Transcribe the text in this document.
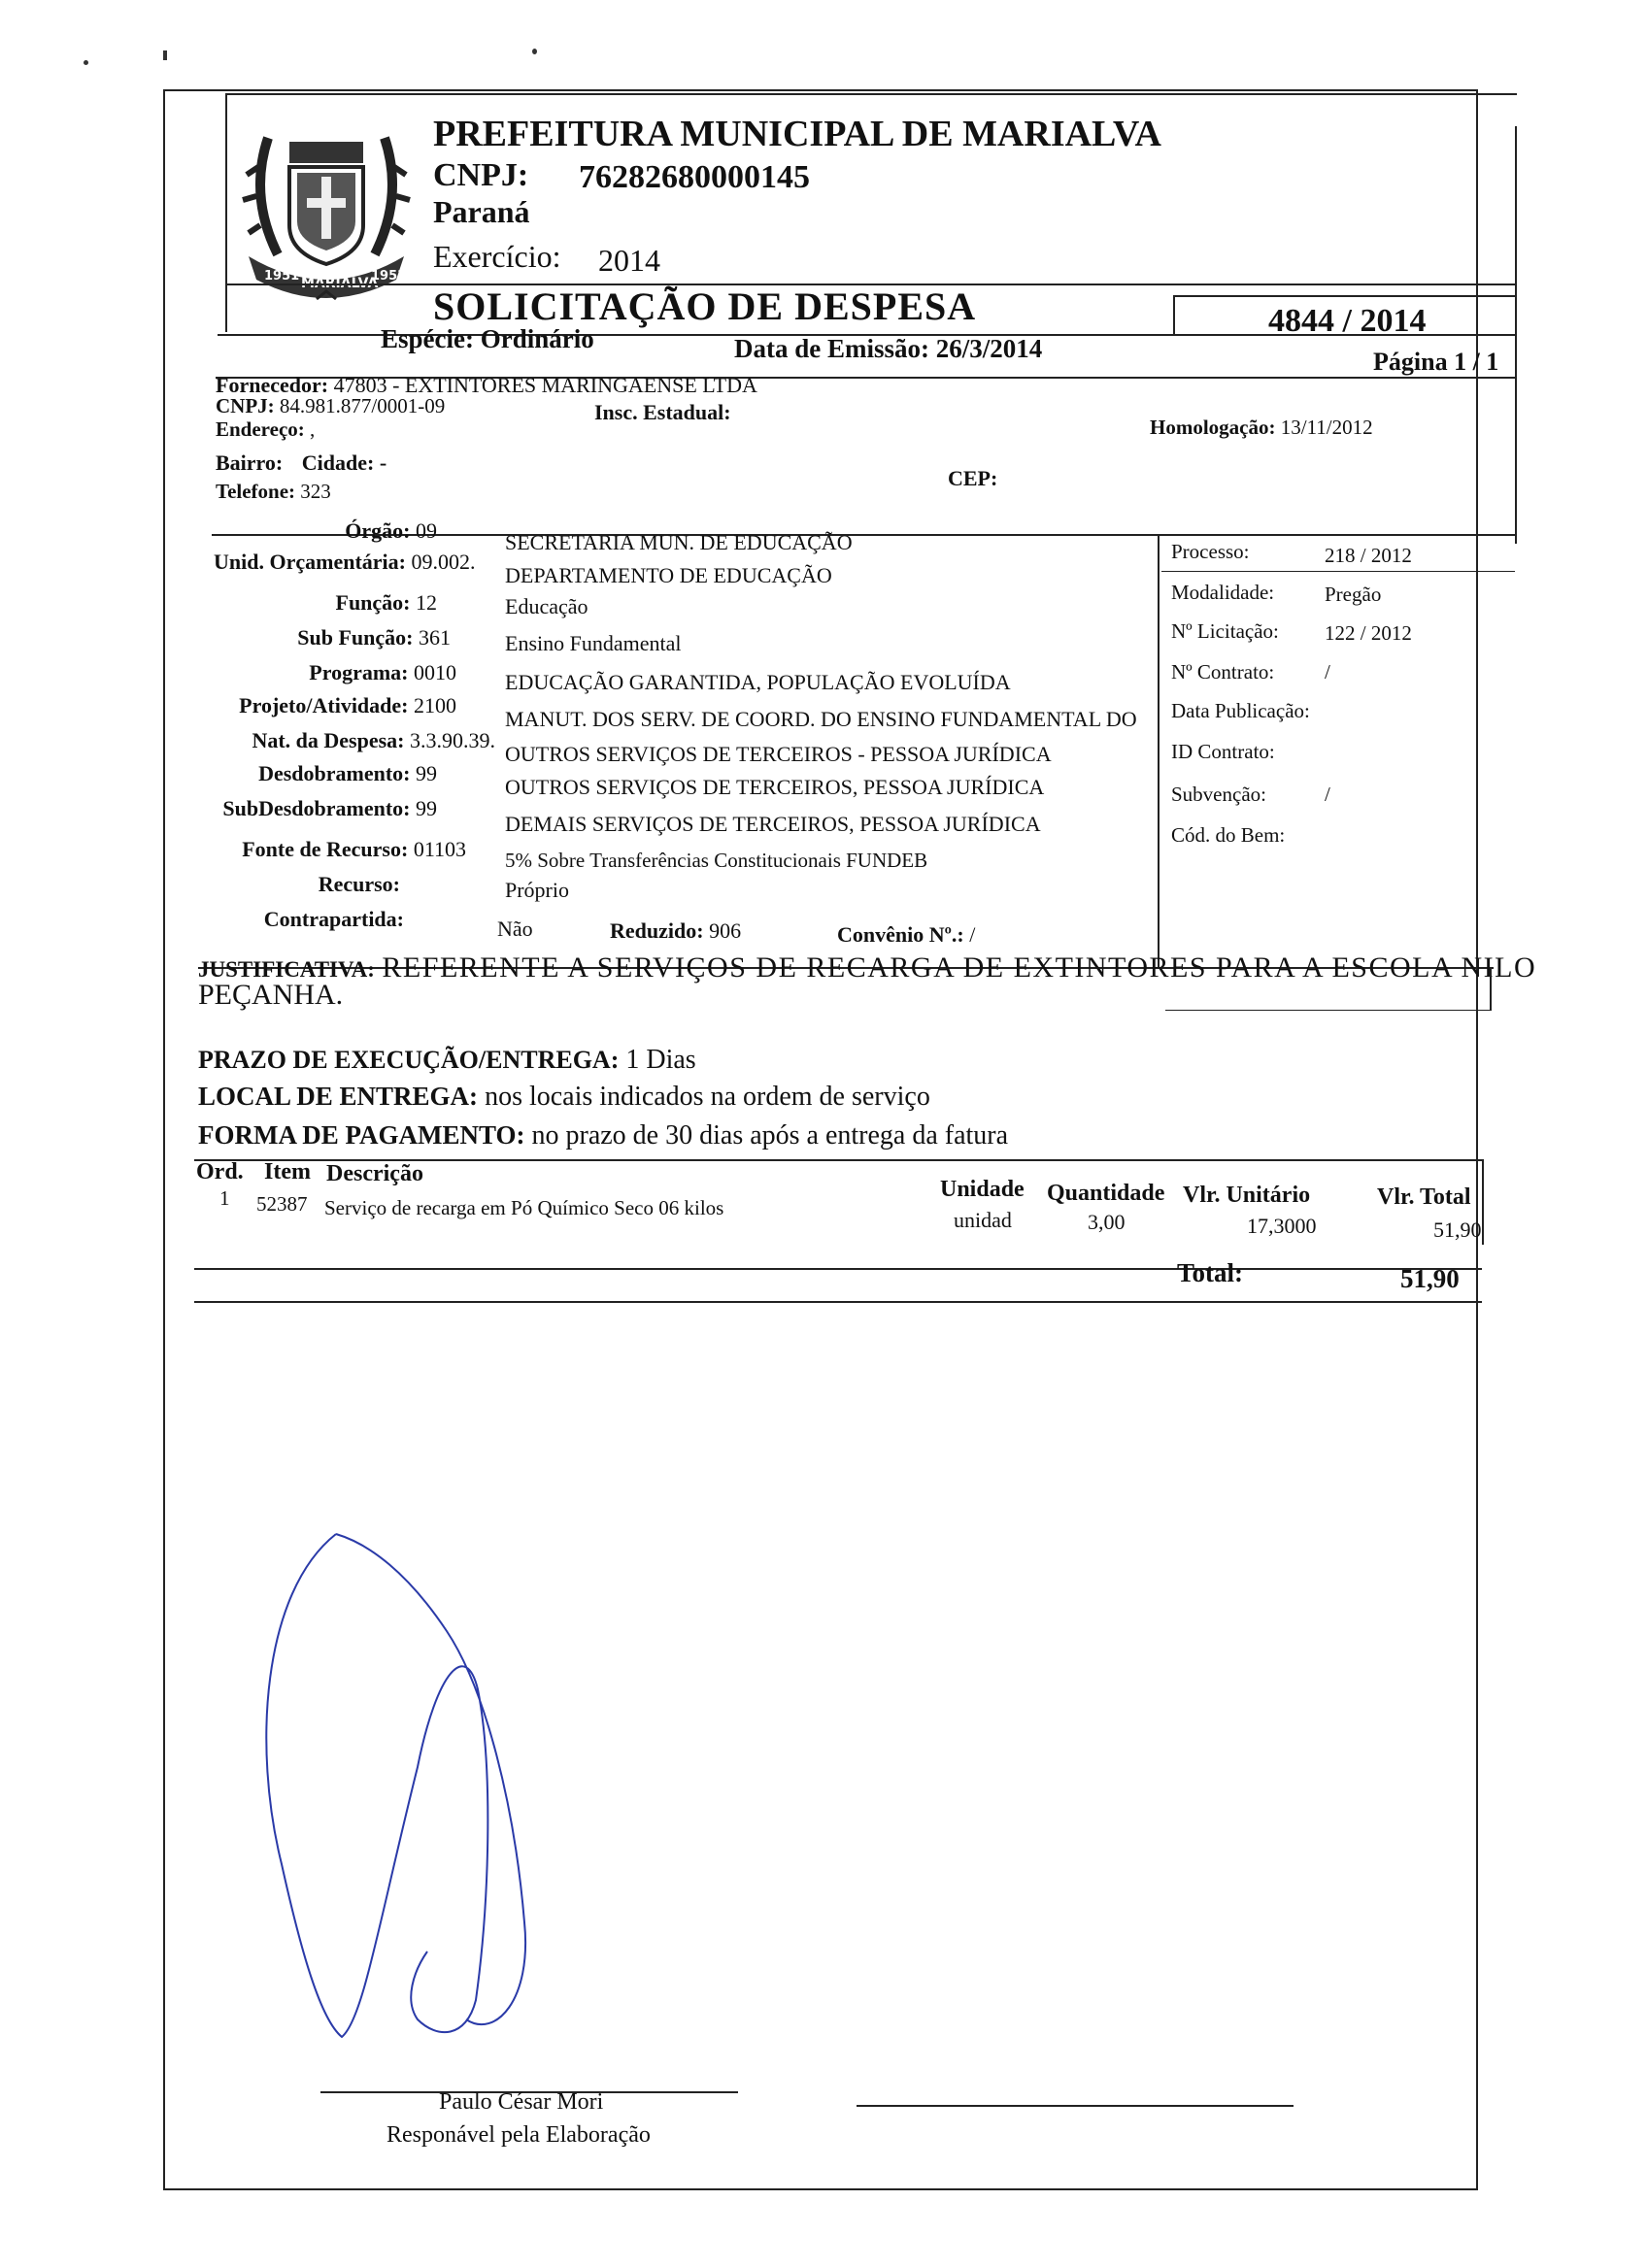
1951 MARIALVA
1953
PREFEITURA MUNICIPAL DE MARIALVA
CNPJ: 76282680000145
Paraná
Exercício: 2014
SOLICITAÇÃO DE DESPESA	4844 / 2014
Espécie: Ordinário	Data de Emissão: 26/3/2014	Página 1 / 1
Fornecedor: 47803 - EXTINTORES MARINGAENSE LTDA
CNPJ: 84.981.877/0001-09	Insc. Estadual:
Endereço: ,	Homologação: 13/11/2012
Bairro: Cidade: -
CEP:
Telefone: 323
Órgão: 09	SECRETARIA MUN. DE EDUCAÇÃO
Unid. Orçamentária: 09.002.
DEPARTAMENTO DE EDUCAÇÃO
Função: 12	Educação
Sub Função: 361	Ensino Fundamental
Programa: 0010 EDUCAÇÃO GARANTIDA, POPULAÇÃO EVOLUÍDA
Projeto/Atividade: 2100
MANUT. DOS SERV. DE COORD. DO ENSINO FUNDAMENTAL DO
Nat. da Despesa: 3.3.90.39.
OUTROS SERVIÇOS DE TERCEIROS - PESSOA JURÍDICA
Desdobramento: 99
OUTROS SERVIÇOS DE TERCEIROS, PESSOA JURÍDICA
SubDesdobramento: 99
DEMAIS SERVIÇOS DE TERCEIROS, PESSOA JURÍDICA
Fonte de Recurso: 01103 5% Sobre Transferências Constitucionais FUNDEB
Recurso:	Próprio
Contrapartida:	Não	Reduzido: 906	Convênio Nº.: /
Processo:	218 / 2012
Modalidade: Pregão
Nº Licitação: 122 / 2012
Nº Contrato: /
Data Publicação:
ID Contrato:
Subvenção:	/
Cód. do Bem:
JUSTIFICATIVA: REFERENTE A SERVIÇOS DE RECARGA DE EXTINTORES PARA A ESCOLA NILO
PEÇANHA.
PRAZO DE EXECUÇÃO/ENTREGA: 1 Dias
LOCAL DE ENTREGA: nos locais indicados na ordem de serviço
FORMA DE PAGAMENTO: no prazo de 30 dias após a entrega da fatura
Ord. Item Descrição
Unidade Quantidade Vlr. Unitário	Vlr. Total
1 52387 Serviço de recarga em Pó Químico Seco 06 kilos	unidad	3,00	17,3000	51,90
Total:	51,90
Paulo César Mori
Responável pela Elaboração
